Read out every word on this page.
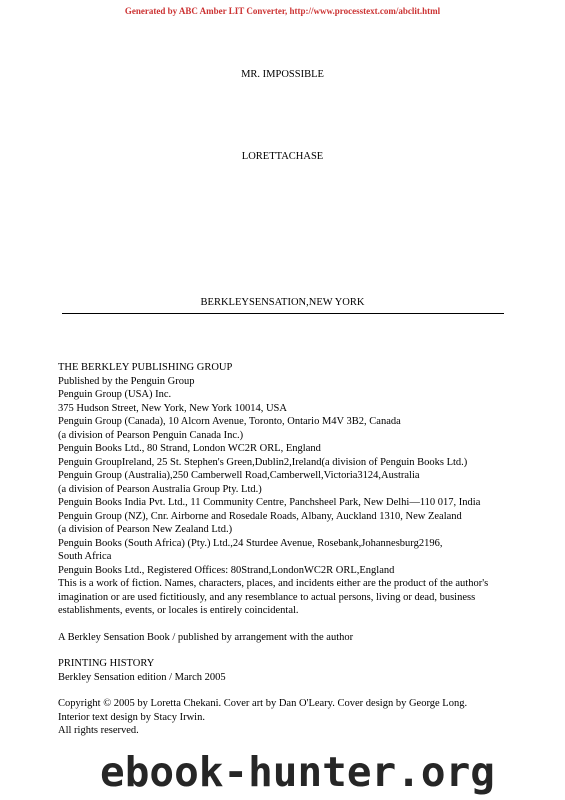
Generated by ABC Amber LIT Converter, http://www.processtext.com/abclit.html
MR. IMPOSSIBLE
LORETTACHASE
BERKLEYSENSATION,NEW YORK
THE BERKLEY PUBLISHING GROUP
Published by the Penguin Group
Penguin Group (USA) Inc.
375 Hudson Street, New York, New York 10014, USA
Penguin Group (Canada), 10 Alcorn Avenue, Toronto, Ontario M4V 3B2, Canada
(a division of Pearson Penguin Canada Inc.)
Penguin Books Ltd., 80 Strand, London WC2R ORL, England
Penguin GroupIreland, 25 St. Stephen's Green,Dublin2,Ireland(a division of Penguin Books Ltd.)
Penguin Group (Australia),250 Camberwell Road,Camberwell,Victoria3124,Australia
(a division of Pearson Australia Group Pty. Ltd.)
Penguin Books India Pvt. Ltd., 11 Community Centre, Panchsheel Park, New Delhi—110 017, India
Penguin Group (NZ), Cnr. Airborne and Rosedale Roads, Albany, Auckland 1310, New Zealand
(a division of Pearson New Zealand Ltd.)
Penguin Books (South Africa) (Pty.) Ltd.,24 Sturdee Avenue, Rosebank,Johannesburg2196,
South Africa
Penguin Books Ltd., Registered Offices: 80Strand,LondonWC2R ORL,England
This is a work of fiction. Names, characters, places, and incidents either are the product of the author's
imagination or are used fictitiously, and any resemblance to actual persons, living or dead, business
establishments, events, or locales is entirely coincidental.
A Berkley Sensation Book / published by arrangement with the author
PRINTING HISTORY
Berkley Sensation edition / March 2005
Copyright © 2005 by Loretta Chekani. Cover art by Dan O'Leary. Cover design by George Long.
Interior text design by Stacy Irwin.
All rights reserved.
ebook-hunter.org
